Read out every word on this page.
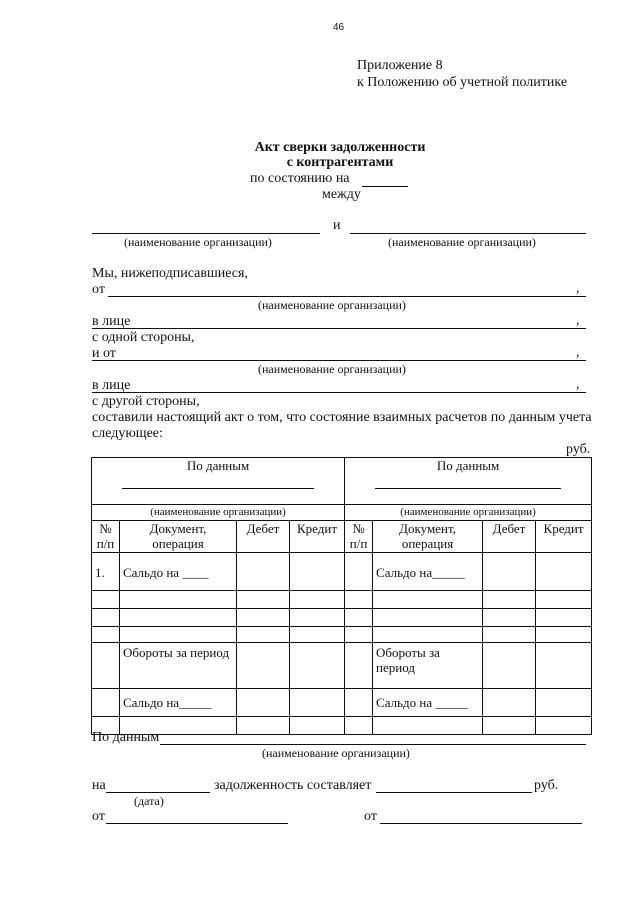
46
Приложение 8
к Положению об учетной политике
Акт сверки задолженности
с контрагентами
по состоянию на
между
и
(наименование организации)	(наименование организации)
Мы, нижеподписавшиеся,
от	,
(наименование организации)
в лице	,
с одной стороны,
и от	,
(наименование организации)
в лице	,
с другой стороны,
составили настоящий акт о том, что состояние взаимных расчетов по данным учета
следующее:
руб.
По данным				По данным			

(наименование организации)				(наименование организации)			
№ п/п	Документ, операция	Дебет	Кредит	№ п/п	Документ, операция	Дебет	Кредит
1.	Сальдо на ____				Сальдо на_____		

	Обороты за период				Обороты за период		
	Сальдо на_____				Сальдо на _____		

По данным
(наименование организации)
на	задолженность составляет	руб.
(дата)
от	от
